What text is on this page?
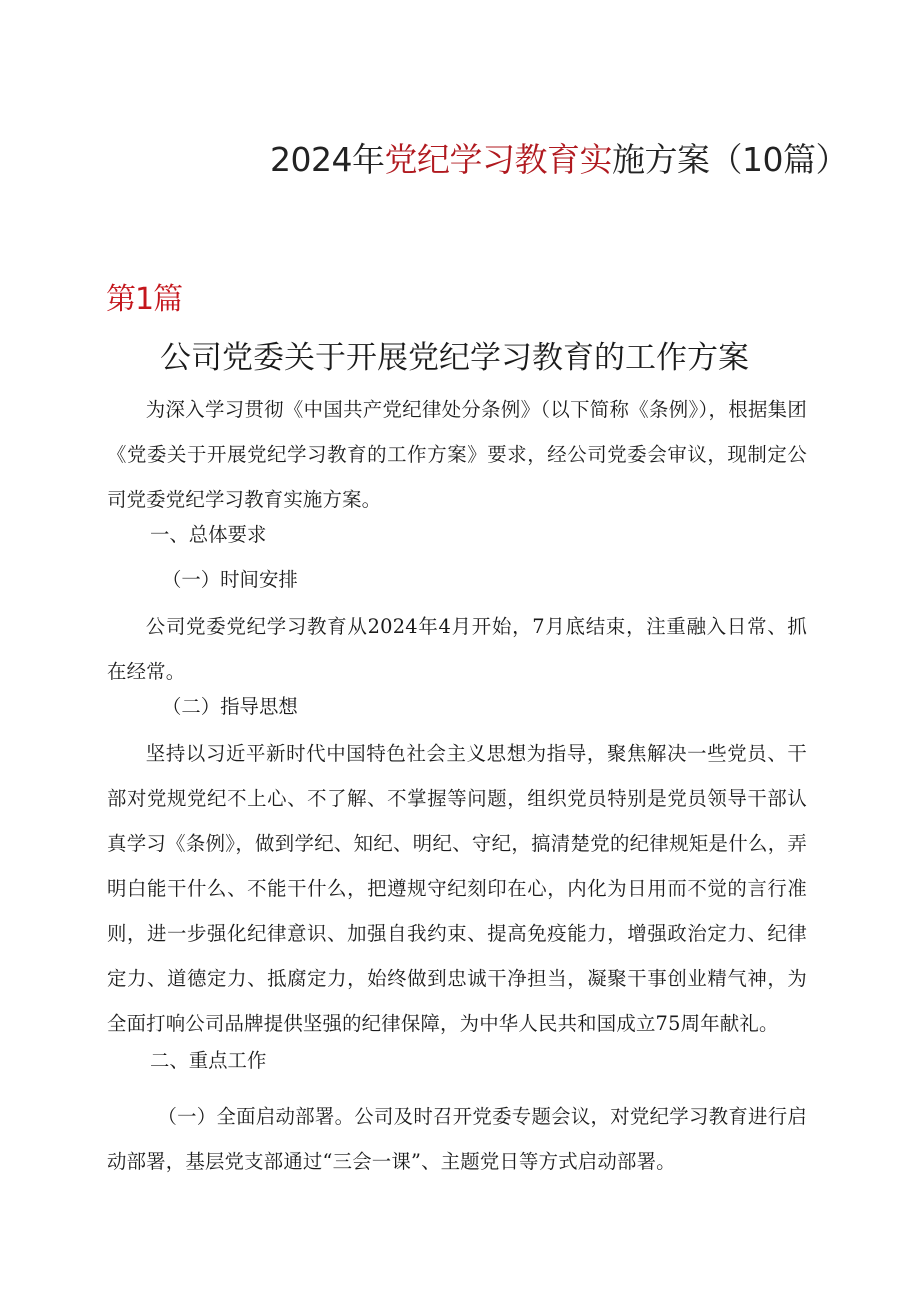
2024年党纪学习教育实施方案（10篇）
第1篇
公司党委关于开展党纪学习教育的工作方案

为深入学习贯彻《中国共产党纪律处分条例》（以下简称《条例》），根据集团《党委关于开展党纪学习教育的工作方案》要求，经公司党委会审议，现制定公司党委党纪学习教育实施方案。

一、总体要求
（一）时间安排

公司党委党纪学习教育从2024年4月开始，7月底结束，注重融入日常、抓在经常。

（二）指导思想

坚持以习近平新时代中国特色社会主义思想为指导，聚焦解决一些党员、干部对党规党纪不上心、不了解、不掌握等问题，组织党员特别是党员领导干部认真学习《条例》，做到学纪、知纪、明纪、守纪，搞清楚党的纪律规矩是什么，弄明白能干什么、不能干什么，把遵规守纪刻印在心，内化为日用而不觉的言行准则，进一步强化纪律意识、加强自我约束、提高免疫能力，增强政治定力、纪律定力、道德定力、抵腐定力，始终做到忠诚干净担当，凝聚干事创业精气神，为全面打响公司品牌提供坚强的纪律保障，为中华人民共和国成立75周年献礼。

二、重点工作

（一）全面启动部署。公司及时召开党委专题会议，对党纪学习教育进行启动部署，基层党支部通过“三会一课”、主题党日等方式启动部署。
